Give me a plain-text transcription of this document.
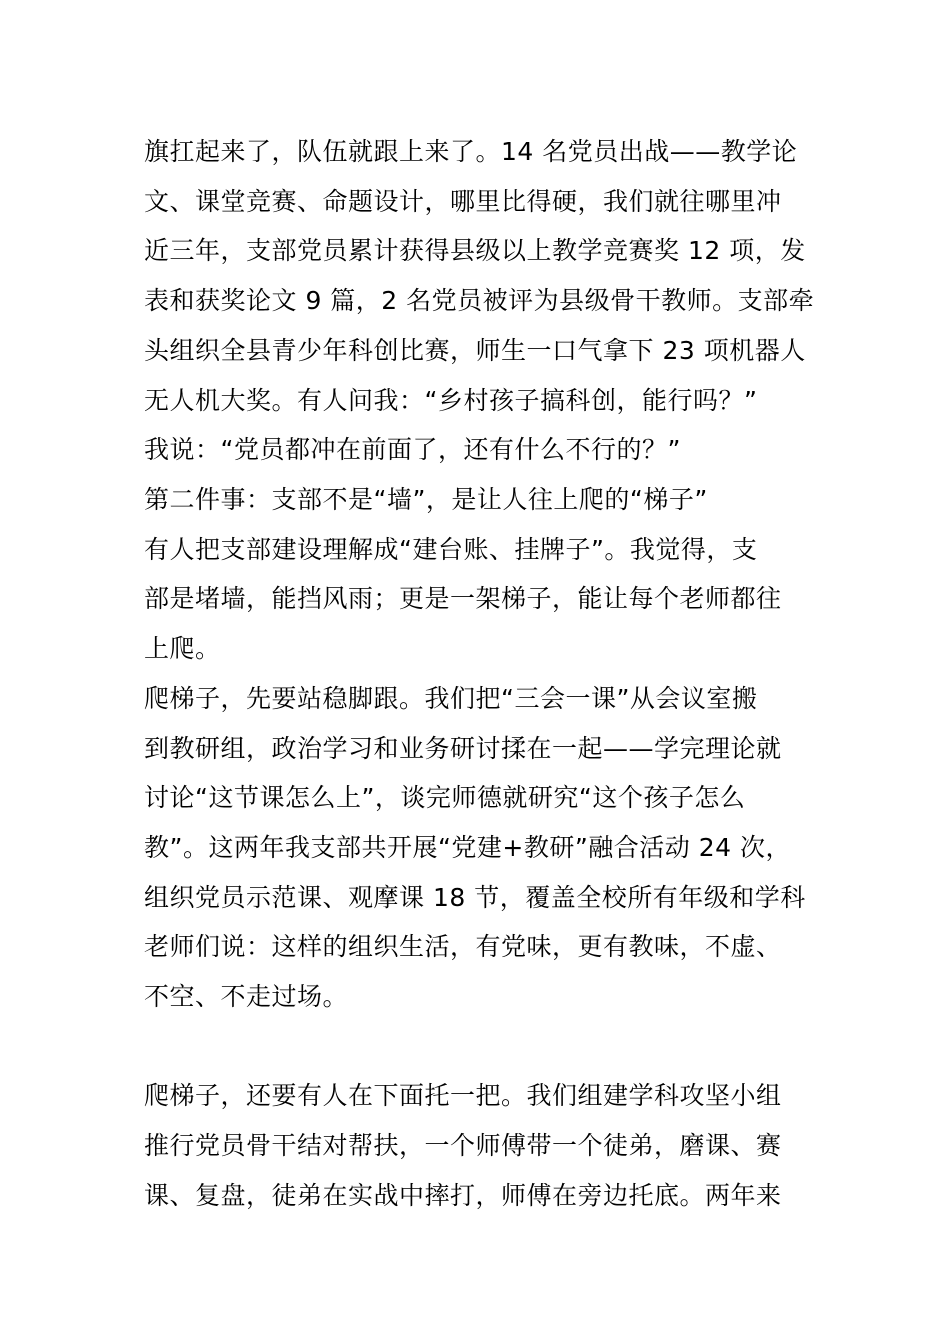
旗扛起来了，队伍就跟上来了。14 名党员出战——教学论
文、课堂竞赛、命题设计，哪里比得硬，我们就往哪里冲
近三年，支部党员累计获得县级以上教学竞赛奖 12 项，发
表和获奖论文 9 篇，2 名党员被评为县级骨干教师。支部牵
头组织全县青少年科创比赛，师生一口气拿下 23 项机器人
无人机大奖。有人问我：“乡村孩子搞科创，能行吗？”
我说：“党员都冲在前面了，还有什么不行的？”
第二件事：支部不是“墙”，是让人往上爬的“梯子”
有人把支部建设理解成“建台账、挂牌子”。我觉得，支
部是堵墙，能挡风雨；更是一架梯子，能让每个老师都往
上爬。
爬梯子，先要站稳脚跟。我们把“三会一课”从会议室搬
到教研组，政治学习和业务研讨揉在一起——学完理论就
讨论“这节课怎么上”，谈完师德就研究“这个孩子怎么
教”。这两年我支部共开展“党建+教研”融合活动 24 次，
组织党员示范课、观摩课 18 节，覆盖全校所有年级和学科
老师们说：这样的组织生活，有党味，更有教味，不虚、
不空、不走过场。
爬梯子，还要有人在下面托一把。我们组建学科攻坚小组
推行党员骨干结对帮扶，一个师傅带一个徒弟，磨课、赛
课、复盘，徒弟在实战中摔打，师傅在旁边托底。两年来
